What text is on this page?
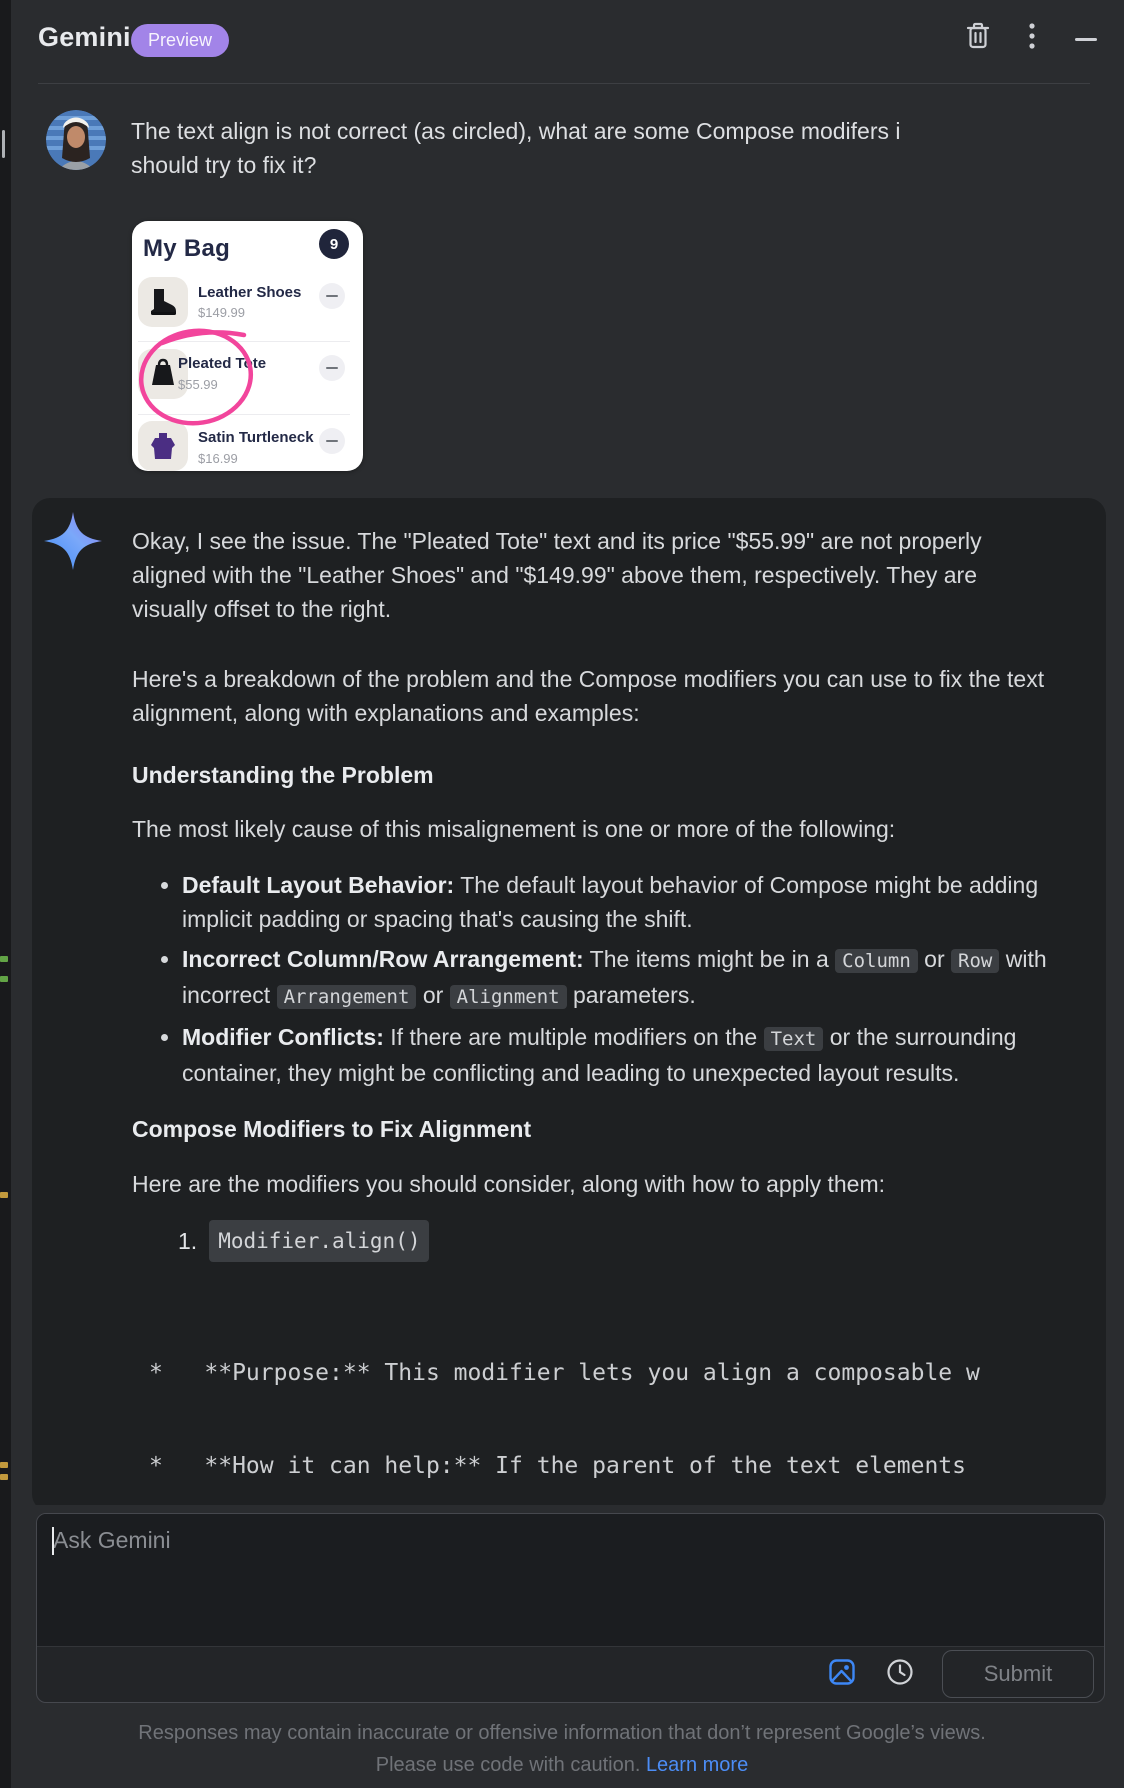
Gemini Preview
The text align is not correct (as circled), what are some Compose modifers i
should try to fix it?
My Bag	9
Leather Shoes
$149.99
Pleated Tote
$55.99
Satin Turtleneck
$16.99

Okay, I see the issue. The "Pleated Tote" text and its price "$55.99" are not properly aligned with the "Leather Shoes" and "$149.99" above them, respectively. They are visually offset to the right.

Here's a breakdown of the problem and the Compose modifiers you can use to fix the text alignment, along with explanations and examples:

Understanding the Problem

The most likely cause of this misalignement is one or more of the following:

• Default Layout Behavior: The default layout behavior of Compose might be adding implicit padding or spacing that's causing the shift.
• Incorrect Column/Row Arrangement: The items might be in a Column or Row with incorrect Arrangement or Alignment parameters.
• Modifier Conflicts: If there are multiple modifiers on the Text or the surrounding container, they might be conflicting and leading to unexpected layout results.
Compose Modifiers to Fix Alignment

Here are the modifiers you should consider, along with how to apply them:

1.	Modifier.align()

*   **Purpose:** This modifier lets you align a composable w

*   **How it can help:** If the parent of the text elements

Ask Gemini
Submit
Responses may contain inaccurate or offensive information that don’t represent Google’s views.
Please use code with caution. Learn more
